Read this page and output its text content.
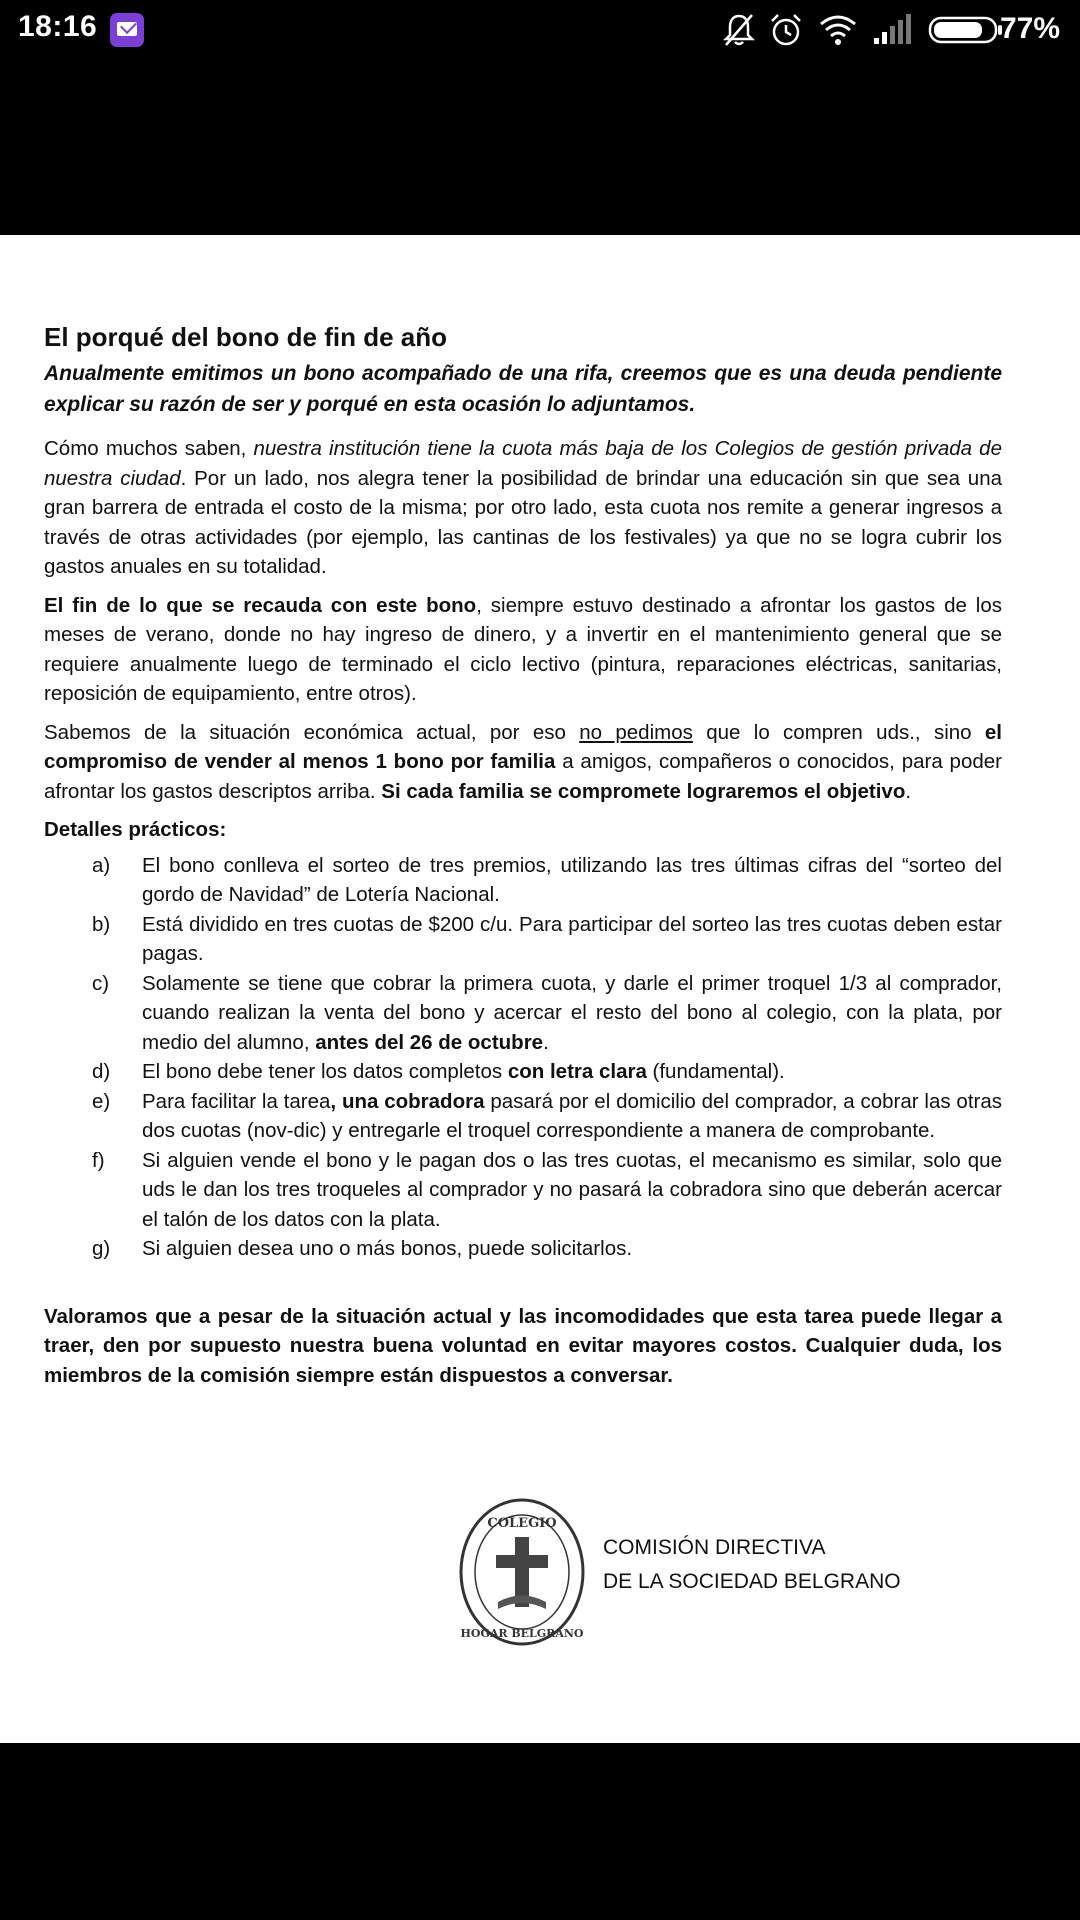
18:16	77%
El porqué del bono de fin de año

Anualmente emitimos un bono acompañado de una rifa, creemos que es una deuda pendiente explicar su razón de ser y porqué en esta ocasión lo adjuntamos.

Cómo muchos saben, nuestra institución tiene la cuota más baja de los Colegios de gestión privada de nuestra ciudad. Por un lado, nos alegra tener la posibilidad de brindar una educación sin que sea una gran barrera de entrada el costo de la misma; por otro lado, esta cuota nos remite a generar ingresos a través de otras actividades (por ejemplo, las cantinas de los festivales) ya que no se logra cubrir los gastos anuales en su totalidad.

El fin de lo que se recauda con este bono, siempre estuvo destinado a afrontar los gastos de los meses de verano, donde no hay ingreso de dinero, y a invertir en el mantenimiento general que se requiere anualmente luego de terminado el ciclo lectivo (pintura, reparaciones eléctricas, sanitarias, reposición de equipamiento, entre otros).

Sabemos de la situación económica actual, por eso no pedimos que lo compren uds., sino el compromiso de vender al menos 1 bono por familia a amigos, compañeros o conocidos, para poder afrontar los gastos descriptos arriba. Si cada familia se compromete lograremos el objetivo.

Detalles prácticos:
a) El bono conlleva el sorteo de tres premios, utilizando las tres últimas cifras del “sorteo del gordo de Navidad” de Lotería Nacional.
b) Está dividido en tres cuotas de $200 c/u. Para participar del sorteo las tres cuotas deben estar pagas.
c) Solamente se tiene que cobrar la primera cuota, y darle el primer troquel 1/3 al comprador, cuando realizan la venta del bono y acercar el resto del bono al colegio, con la plata, por medio del alumno, antes del 26 de octubre.
d) El bono debe tener los datos completos con letra clara (fundamental).
e) Para facilitar la tarea, una cobradora pasará por el domicilio del comprador, a cobrar las otras dos cuotas (nov-dic) y entregarle el troquel correspondiente a manera de comprobante.
f) Si alguien vende el bono y le pagan dos o las tres cuotas, el mecanismo es similar, solo que uds le dan los tres troqueles al comprador y no pasará la cobradora sino que deberán acercar el talón de los datos con la plata.
g) Si alguien desea uno o más bonos, puede solicitarlos.

Valoramos que a pesar de la situación actual y las incomodidades que esta tarea puede llegar a traer, den por supuesto nuestra buena voluntad en evitar mayores costos. Cualquier duda, los miembros de la comisión siempre están dispuestos a conversar.

COLEGIO
HOGAR BELGRANO
COMISIÓN DIRECTIVA
DE LA SOCIEDAD BELGRANO
